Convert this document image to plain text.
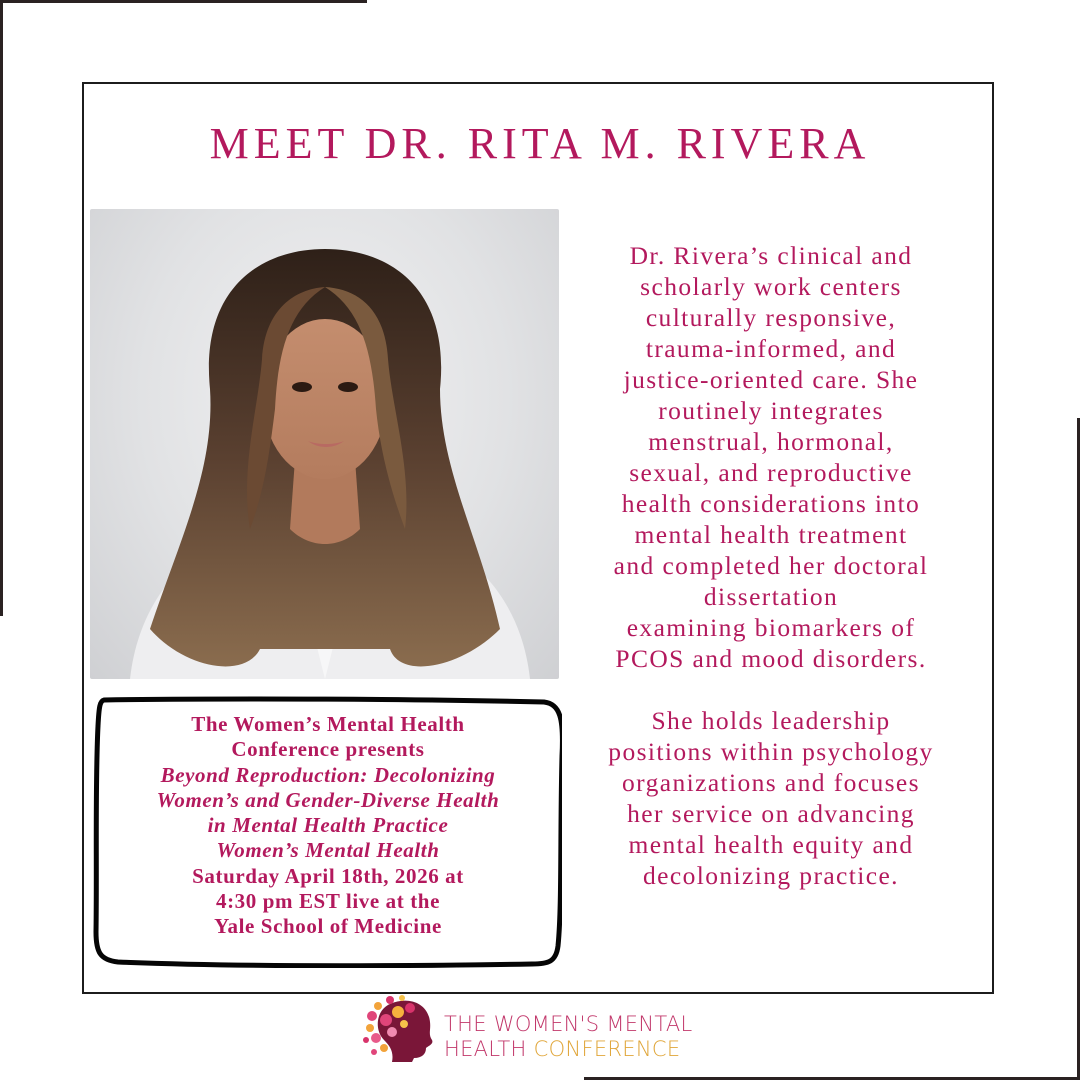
MEET DR. RITA M. RIVERA
Dr. Rivera’s clinical and
scholarly work centers
culturally responsive,
trauma-informed, and
justice-oriented care. She
routinely integrates
menstrual, hormonal,
sexual, and reproductive
health considerations into
mental health treatment
and completed her doctoral
dissertation
examining biomarkers of
PCOS and mood disorders.

She holds leadership
positions within psychology
organizations and focuses
her service on advancing
mental health equity and
decolonizing practice.
The Women’s Mental Health
Conference presents
Beyond Reproduction: Decolonizing
Women’s and Gender-Diverse Health
in Mental Health Practice
Women’s Mental Health
Saturday April 18th, 2026 at
4:30 pm EST live at the
Yale School of Medicine
THE WOMEN'S MENTAL
HEALTH CONFERENCE
